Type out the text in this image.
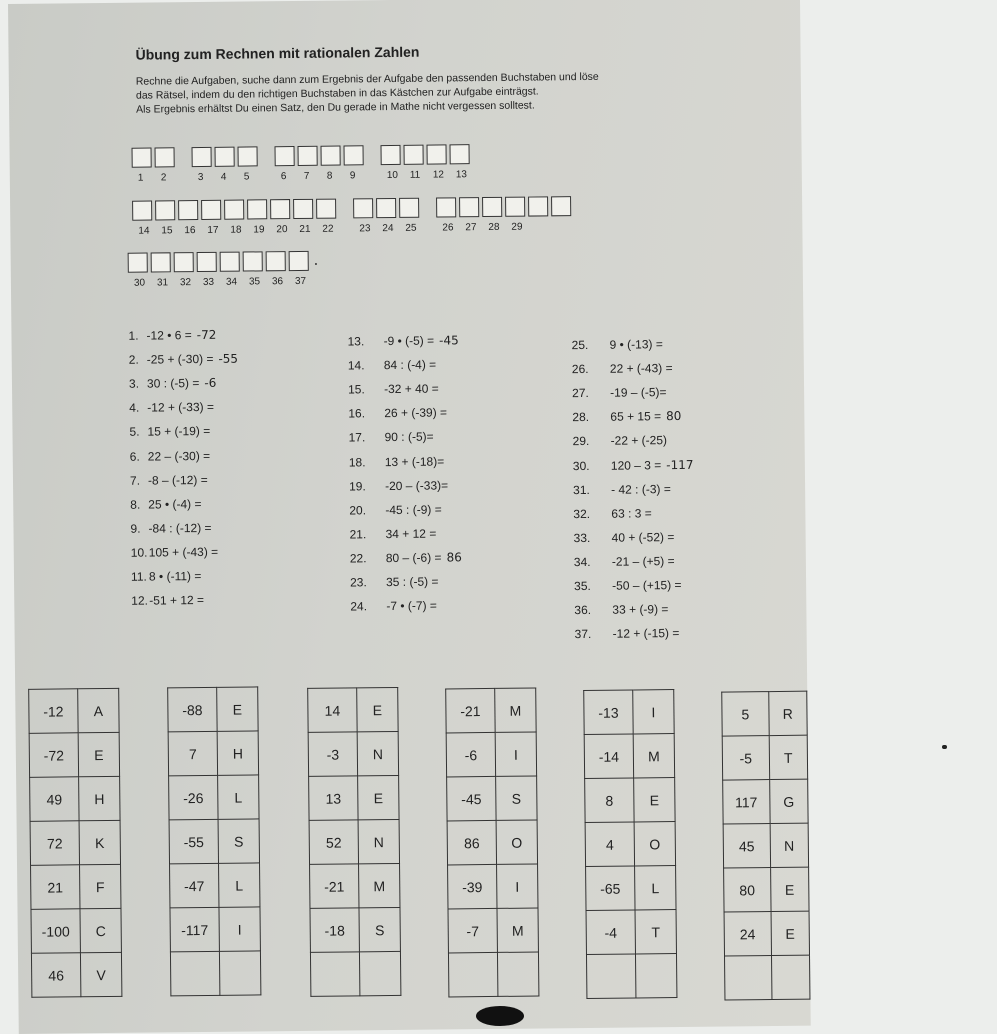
Übung zum Rechnen mit rationalen Zahlen
Rechne die Aufgaben, suche dann zum Ergebnis der Aufgabe den passenden Buchstaben und löse
das Rätsel, indem du den richtigen Buchstaben in das Kästchen zur Aufgabe einträgst.
Als Ergebnis erhältst Du einen Satz, den Du gerade in Mathe nicht vergessen solltest.
1 2	3 4 5	6 7 8 9	10 11 12 13
14 15 16 17 18 19 20 21 22	23 24 25	26 27 28 29
.
30 31 32 33 34 35 36 37
1. -12 • 6 = -72
2. -25 + (-30) = -55
3. 30 : (-5) = -6
4. -12 + (-33) =
5. 15 + (-19) =
6. 22 – (-30) =
7. -8 – (-12) =
8. 25 • (-4) =
9. -84 : (-12) =
10.105 + (-43) =
11. 8 • (-11) =
12.-51 + 12 =
13. -9 • (-5) = -45
14. 84 : (-4) =
15. -32 + 40 =
16. 26 + (-39) =
17. 90 : (-5)=
18. 13 + (-18)=
19. -20 – (-33)=
20. -45 : (-9) =
21. 34 + 12 =
22. 80 – (-6) = 86
23. 35 : (-5) =
24. -7 • (-7) =
25. 9 • (-13) =
26. 22 + (-43) =
27. -19 – (-5)=
28. 65 + 15 = 80
29. -22 + (-25)
30. 120 – 3 = -117
31. - 42 : (-3) =
32. 63 : 3 =
33. 40 + (-52) =
34. -21 – (+5) =
35. -50 – (+15) =
36. 33 + (-9) =
37. -12 + (-15) =
-12	A
-72	E
49	H
72	K
21	F
-100	C
46	V
-88	E
7	H
-26	L
-55	S
-47	L
-117	I

14	E
-3	N
13	E
52	N
-21	M
-18	S

-21	M
-6	I
-45	S
86	O
-39	I
-7	M

-13	I
-14	M
8	E
4	O
-65	L
-4	T

5	R
-5	T
117	G
45	N
80	E
24	E
